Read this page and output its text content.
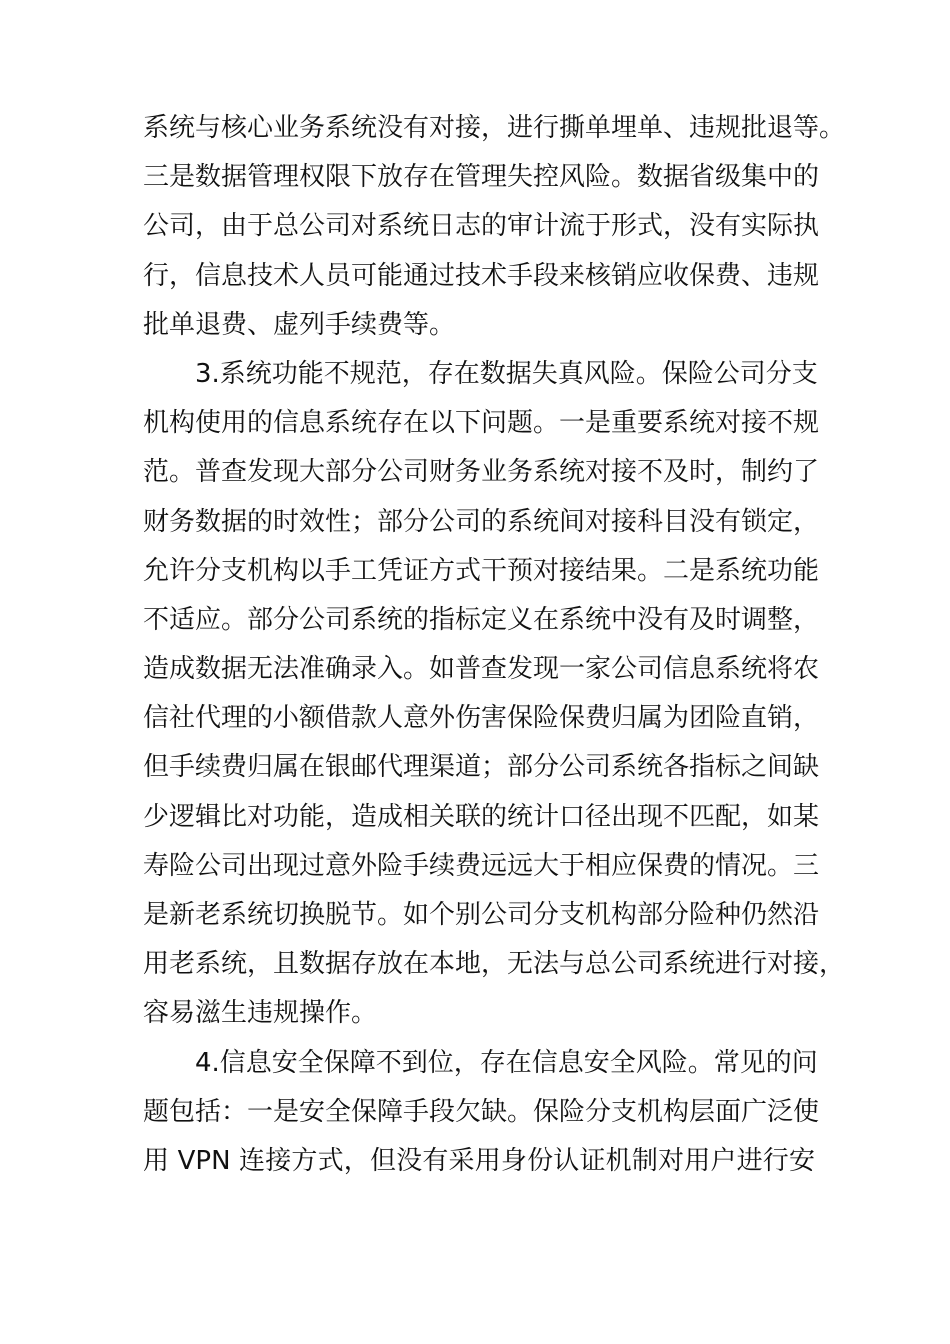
系统与核心业务系统没有对接，进行撕单埋单、违规批退等。
三是数据管理权限下放存在管理失控风险。数据省级集中的
公司，由于总公司对系统日志的审计流于形式，没有实际执
行，信息技术人员可能通过技术手段来核销应收保费、违规
批单退费、虚列手续费等。
3.系统功能不规范，存在数据失真风险。保险公司分支
机构使用的信息系统存在以下问题。一是重要系统对接不规
范。普查发现大部分公司财务业务系统对接不及时，制约了
财务数据的时效性；部分公司的系统间对接科目没有锁定，
允许分支机构以手工凭证方式干预对接结果。二是系统功能
不适应。部分公司系统的指标定义在系统中没有及时调整，
造成数据无法准确录入。如普查发现一家公司信息系统将农
信社代理的小额借款人意外伤害保险保费归属为团险直销，
但手续费归属在银邮代理渠道；部分公司系统各指标之间缺
少逻辑比对功能，造成相关联的统计口径出现不匹配，如某
寿险公司出现过意外险手续费远远大于相应保费的情况。三
是新老系统切换脱节。如个别公司分支机构部分险种仍然沿
用老系统，且数据存放在本地，无法与总公司系统进行对接，
容易滋生违规操作。
4.信息安全保障不到位，存在信息安全风险。常见的问
题包括：一是安全保障手段欠缺。保险分支机构层面广泛使
用 VPN 连接方式，但没有采用身份认证机制对用户进行安
